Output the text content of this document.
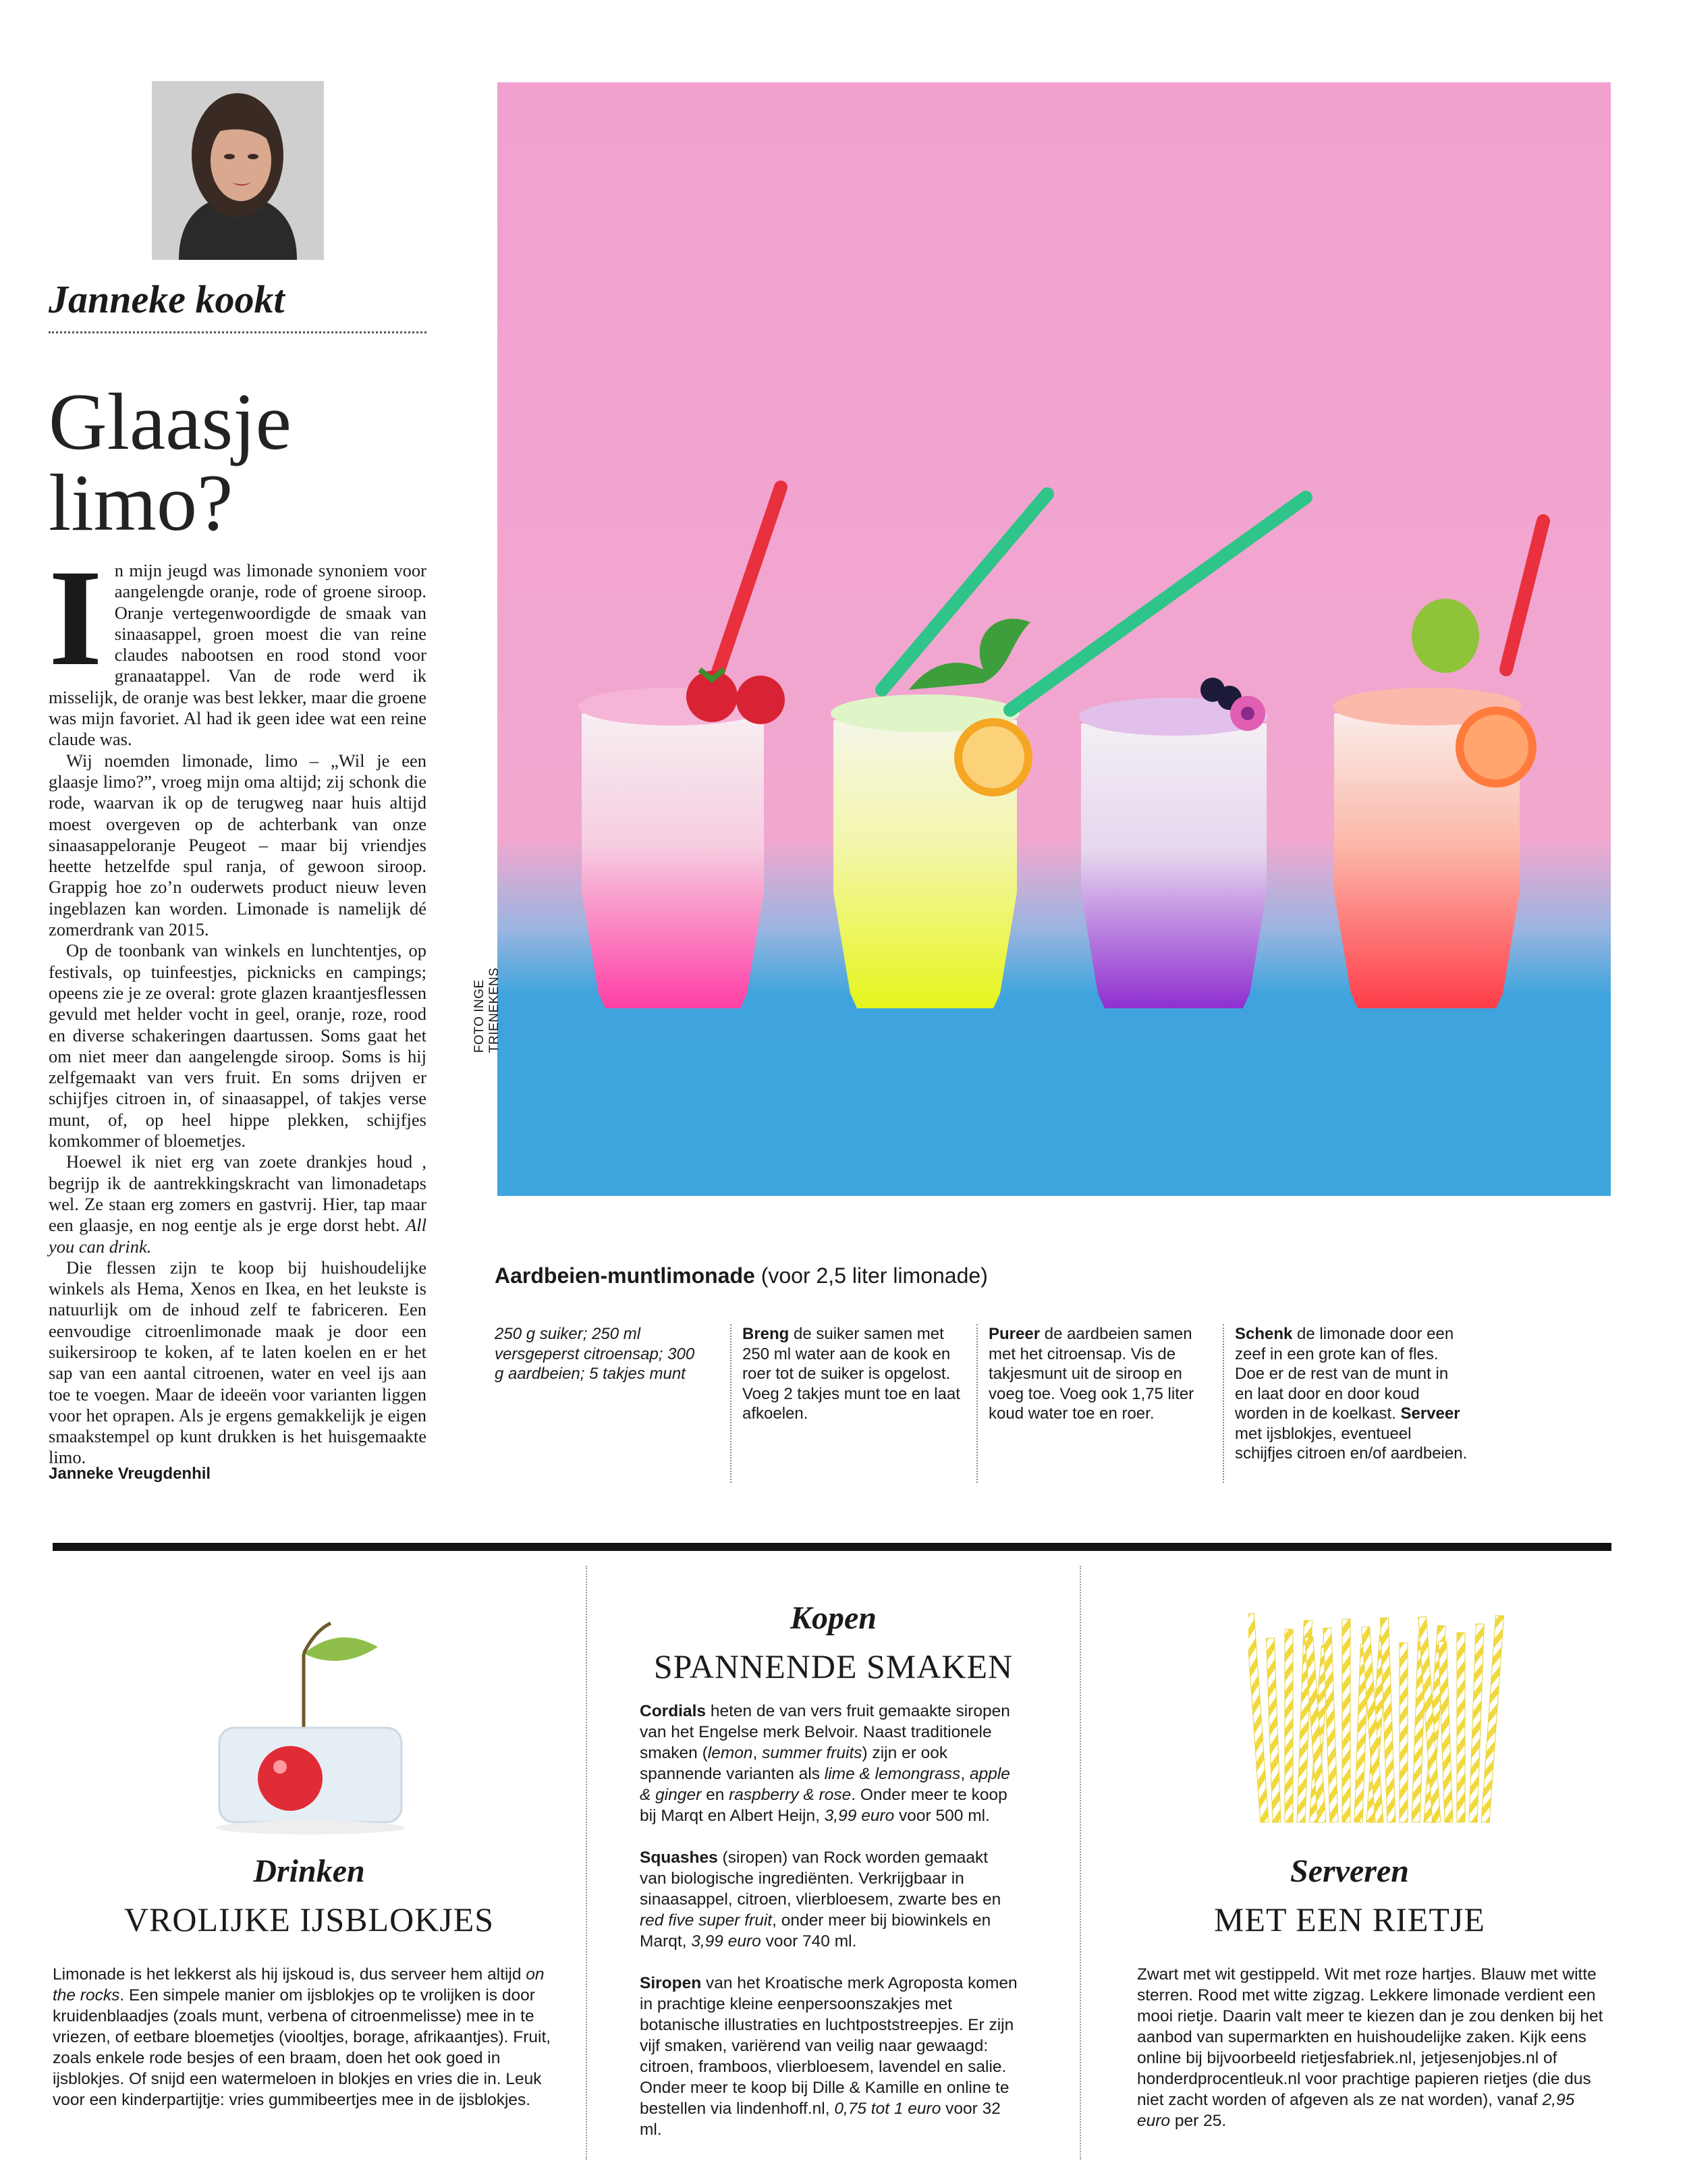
Janneke kookt
Glaasje
limo?

In mijn jeugd was limonade synoniem voor aangelengde oranje, rode of groene siroop. Oranje vertegenwoordigde de smaak van sinaasappel, groen moest die van reine claudes nabootsen en rood stond voor granaatappel. Van de rode werd ik misselijk, de oranje was best lekker, maar die groene was mijn favoriet. Al had ik geen idee wat een reine claude was.

Wij noemden limonade, limo – „Wil je een glaasje limo?”, vroeg mijn oma altijd; zij schonk die rode, waarvan ik op de terugweg naar huis altijd moest overgeven op de achterbank van onze sinaasappeloranje Peugeot – maar bij vriendjes heette hetzelfde spul ranja, of gewoon siroop. Grappig hoe zo’n ouderwets product nieuw leven ingeblazen kan worden. Limonade is namelijk dé zomerdrank van 2015.

Op de toonbank van winkels en lunchtentjes, op festivals, op tuinfeestjes, picknicks en campings; opeens zie je ze overal: grote glazen kraantjesflessen gevuld met helder vocht in geel, oranje, roze, rood en diverse schakeringen daartussen. Soms gaat het om niet meer dan aangelengde siroop. Soms is hij zelfgemaakt van vers fruit. En soms drijven er schijfjes citroen in, of sinaasappel, of takjes verse munt, of, op heel hippe plekken, schijfjes komkommer of bloemetjes.

Hoewel ik niet erg van zoete drankjes houd , begrijp ik de aantrekkingskracht van limonadetaps wel. Ze staan erg zomers en gastvrij. Hier, tap maar een glaasje, en nog eentje als je erge dorst hebt. All you can drink.

Die flessen zijn te koop bij huishoudelijke winkels als Hema, Xenos en Ikea, en het leukste is natuurlijk om de inhoud zelf te fabriceren. Een eenvoudige citroenlimonade maak je door een suikersiroop te koken, af te laten koelen en er het sap van een aantal citroenen, water en veel ijs aan toe te voegen. Maar de ideeën voor varianten liggen voor het oprapen. Als je ergens gemakkelijk je eigen smaakstempel op kunt drukken is het huisgemaakte limo.

Janneke Vreugdenhil
FOTO INGE TRIENEKENS
Aardbeien-muntlimonade (voor 2,5 liter limonade)
250 g suiker; 250 ml versgeperst citroensap; 300 g aardbeien; 5 takjes munt
Breng de suiker samen met 250 ml water aan de kook en roer tot de suiker is opgelost. Voeg 2 takjes munt toe en laat afkoelen.
Pureer de aardbeien samen met het citroensap. Vis de takjesmunt uit de siroop en voeg toe. Voeg ook 1,75 liter koud water toe en roer.
Schenk de limonade door een zeef in een grote kan of fles. Doe er de rest van de munt in en laat door en door koud worden in de koelkast. Serveer met ijsblokjes, eventueel schijfjes citroen en/of aardbeien.
Drinken
VROLIJKE IJSBLOKJES
Limonade is het lekkerst als hij ijskoud is, dus serveer hem altijd on the rocks. Een simpele manier om ijsblokjes op te vrolijken is door kruidenblaadjes (zoals munt, verbena of citroenmelisse) mee in te vriezen, of eetbare bloemetjes (viooltjes, borage, afrikaantjes). Fruit, zoals enkele rode besjes of een braam, doen het ook goed in ijsblokjes. Of snijd een watermeloen in blokjes en vries die in. Leuk voor een kinderpartijtje: vries gummibeertjes mee in de ijsblokjes.
Kopen
SPANNENDE SMAKEN
Cordials heten de van vers fruit gemaakte siropen van het Engelse merk Belvoir. Naast traditionele smaken (lemon, summer fruits) zijn er ook spannende varianten als lime & lemongrass, apple & ginger en raspberry & rose. Onder meer te koop bij Marqt en Albert Heijn, 3,99 euro voor 500 ml.
Squashes (siropen) van Rock worden gemaakt van biologische ingrediënten. Verkrijgbaar in sinaasappel, citroen, vlierbloesem, zwarte bes en red five super fruit, onder meer bij biowinkels en Marqt, 3,99 euro voor 740 ml.
Siropen van het Kroatische merk Agroposta komen in prachtige kleine eenpersoonszakjes met botanische illustraties en luchtpoststreepjes. Er zijn vijf smaken, variërend van veilig naar gewaagd: citroen, framboos, vlierbloesem, lavendel en salie. Onder meer te koop bij Dille & Kamille en online te bestellen via lindenhoff.nl, 0,75 tot 1 euro voor 32 ml.
Serveren
MET EEN RIETJE
Zwart met wit gestippeld. Wit met roze hartjes. Blauw met witte sterren. Rood met witte zigzag. Lekkere limonade verdient een mooi rietje. Daarin valt meer te kiezen dan je zou denken bij het aanbod van supermarkten en huishoudelijke zaken. Kijk eens online bij bijvoorbeeld rietjesfabriek.nl, jetjesenjobjes.nl of honderdprocentleuk.nl voor prachtige papieren rietjes (die dus niet zacht worden of afgeven als ze nat worden), vanaf 2,95 euro per 25.
